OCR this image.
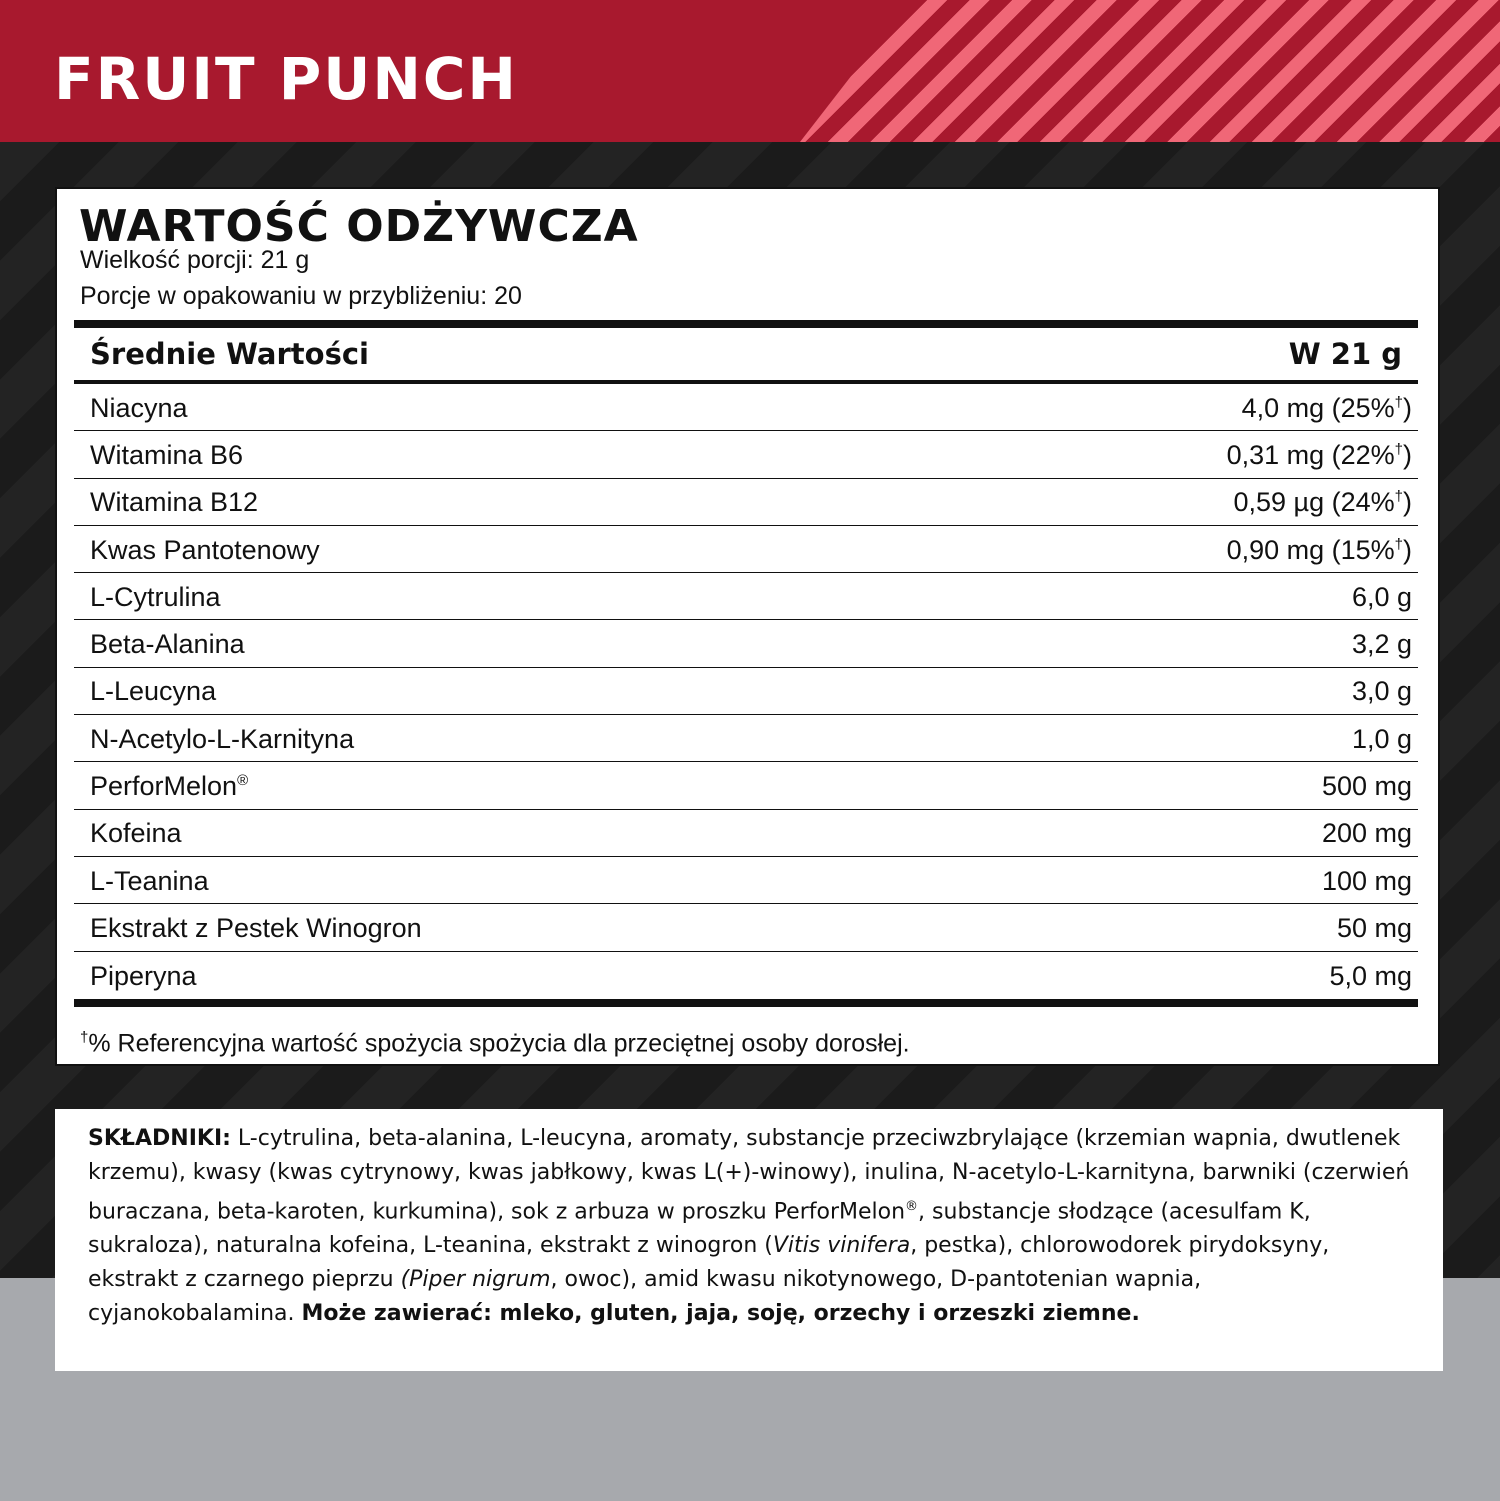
FRUIT PUNCH
WARTOŚĆ ODŻYWCZA
Wielkość porcji: 21 g
Porcje w opakowaniu w przybliżeniu: 20
Średnie Wartości	W 21 g
Niacyna	4,0 mg (25%†)
Witamina B6	0,31 mg (22%†)
Witamina B12	0,59 µg (24%†)
Kwas Pantotenowy	0,90 mg (15%†)
L-Cytrulina	6,0 g
Beta-Alanina	3,2 g
L-Leucyna	3,0 g
N-Acetylo-L-Karnityna	1,0 g
PerforMelon®	500 mg
Kofeina	200 mg
L-Teanina	100 mg
Ekstrakt z Pestek Winogron	50 mg
Piperyna	5,0 mg
†% Referencyjna wartość spożycia spożycia dla przeciętnej osoby dorosłej.
SKŁADNIKI: L-cytrulina, beta-alanina, L-leucyna, aromaty, substancje przeciwzbrylające (krzemian wapnia, dwutlenek krzemu), kwasy (kwas cytrynowy, kwas jabłkowy, kwas L(+)-winowy), inulina, N-acetylo-L-karnityna, barwniki (czerwień buraczana, beta-karoten, kurkumina), sok z arbuza w proszku PerforMelon®, substancje słodzące (acesulfam K, sukraloza), naturalna kofeina, L-teanina, ekstrakt z winogron (Vitis vinifera, pestka), chlorowodorek pirydoksyny, ekstrakt z czarnego pieprzu (Piper nigrum, owoc), amid kwasu nikotynowego, D-pantotenian wapnia, cyjanokobalamina. Może zawierać: mleko, gluten, jaja, soję, orzechy i orzeszki ziemne.
